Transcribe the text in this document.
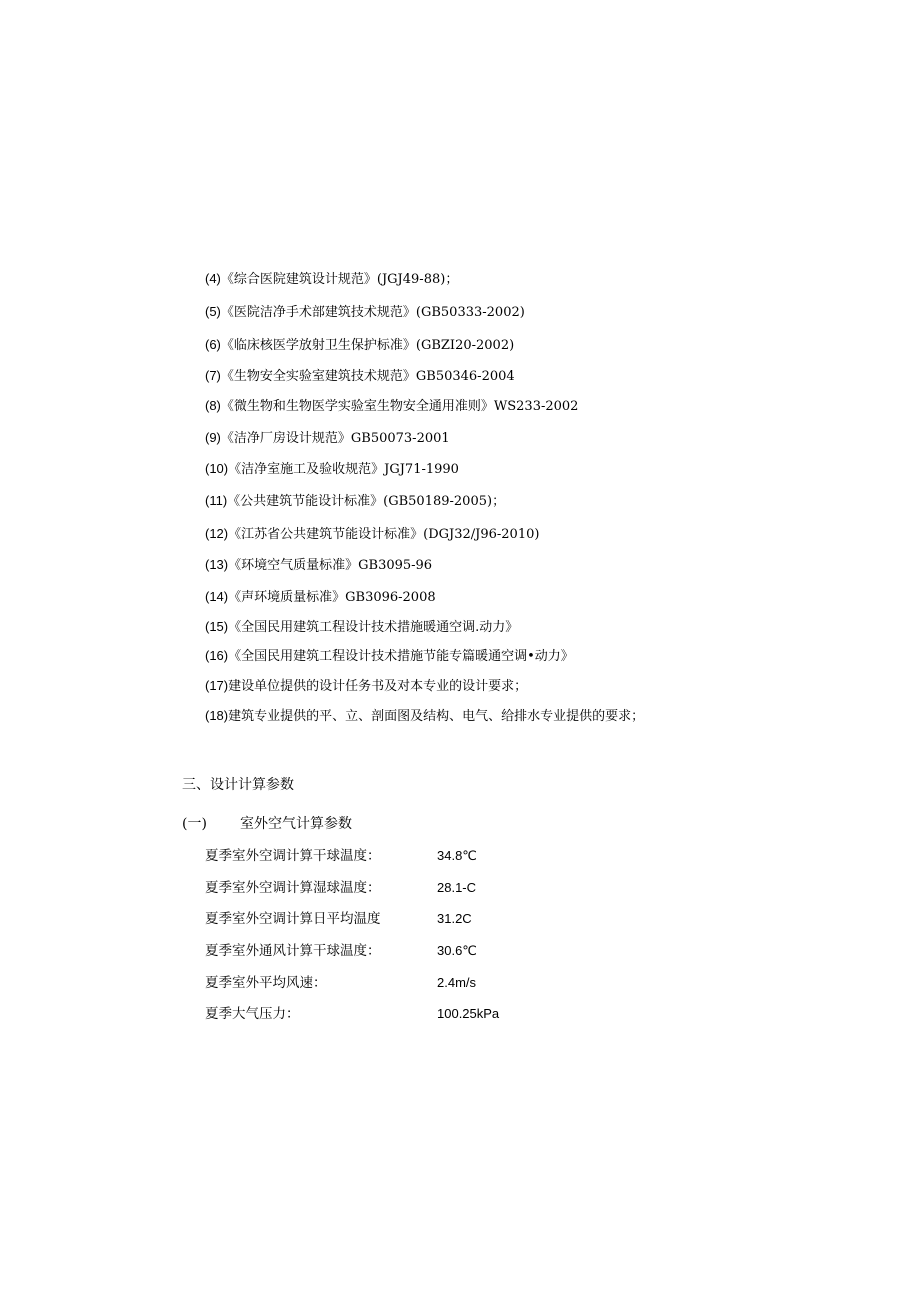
(4)《综合医院建筑设计规范》(JGJ49-88)；
(5)《医院洁净手术部建筑技术规范》(GB50333-2002)
(6)《临床核医学放射卫生保护标准》(GBZI20-2002)
(7)《生物安全实验室建筑技术规范》GB50346-2004
(8)《微生物和生物医学实验室生物安全通用准则》WS233-2002
(9)《洁净厂房设计规范》GB50073-2001
(10)《洁净室施工及验收规范》JGJ71-1990
(11)《公共建筑节能设计标准》(GB50189-2005)；
(12)《江苏省公共建筑节能设计标准》(DGJ32/J96-2010)
(13)《环境空气质量标准》GB3095-96
(14)《声环境质量标准》GB3096-2008
(15)《全国民用建筑工程设计技术措施暖通空调.动力》
(16)《全国民用建筑工程设计技术措施节能专篇暖通空调•动力》
(17)建设单位提供的设计任务书及对本专业的设计要求；
(18)建筑专业提供的平、立、剖面图及结构、电气、给排水专业提供的要求；
三、设计计算参数
(一) 室外空气计算参数
夏季室外空调计算干球温度：	34.8℃
夏季室外空调计算湿球温度：	28.1-C
夏季室外空调计算日平均温度	31.2C
夏季室外通风计算干球温度：	30.6℃
夏季室外平均风速：	2.4m/s
夏季大气压力：	100.25kPa
